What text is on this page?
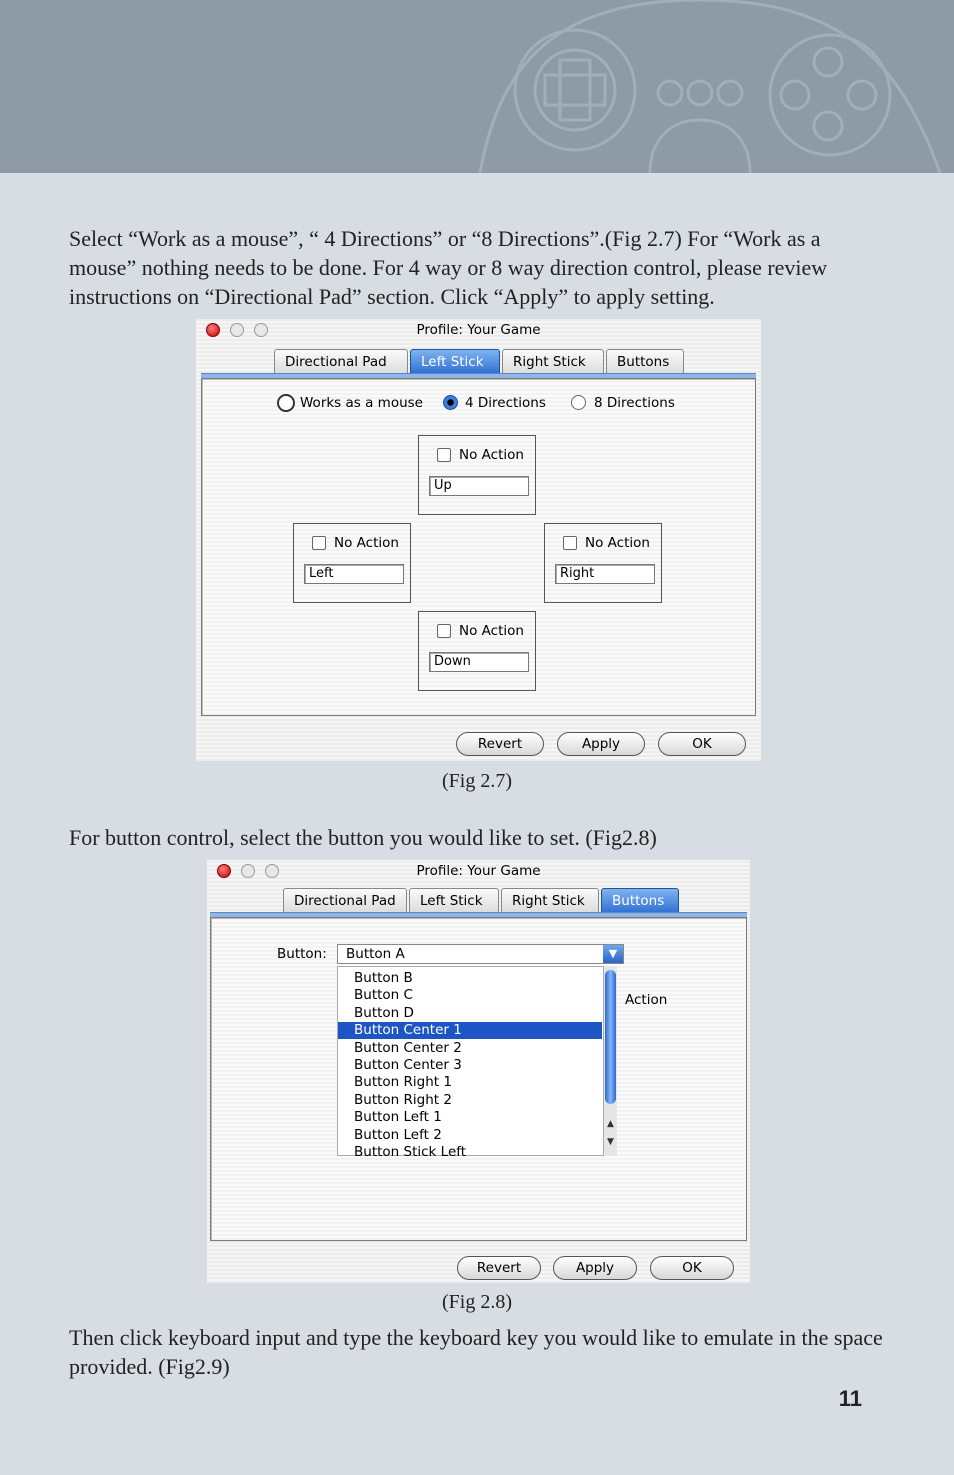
Select “Work as a mouse”, “ 4 Directions” or “8 Directions”.(Fig 2.7) For “Work as a mouse” nothing needs to be done. For 4 way or 8 way direction control, please review instructions on “Directional Pad” section. Click “Apply” to apply setting.

Profile: Your Game
Directional Pad	Left Stick	Right Stick	Buttons
Works as a mouse	4 Directions	8 Directions
No Action
Up
No Action
Left
No Action
Right
No Action
Down
Revert	Apply	OK
(Fig 2.7)

For button control, select the button you would like to set. (Fig2.8)

Profile: Your Game
Directional Pad	Left Stick	Right Stick	Buttons
Button:	Button A	▼
Action
Button B
Button C
Button D
Button Center 1
Button Center 2
Button Center 3
Button Right 1
Button Right 2
Button Left 1
Button Left 2
Button Stick Left
▲
▼
Revert	Apply	OK
(Fig 2.8)

Then click keyboard input and type the keyboard key you would like to emulate in the space provided. (Fig2.9)

11
